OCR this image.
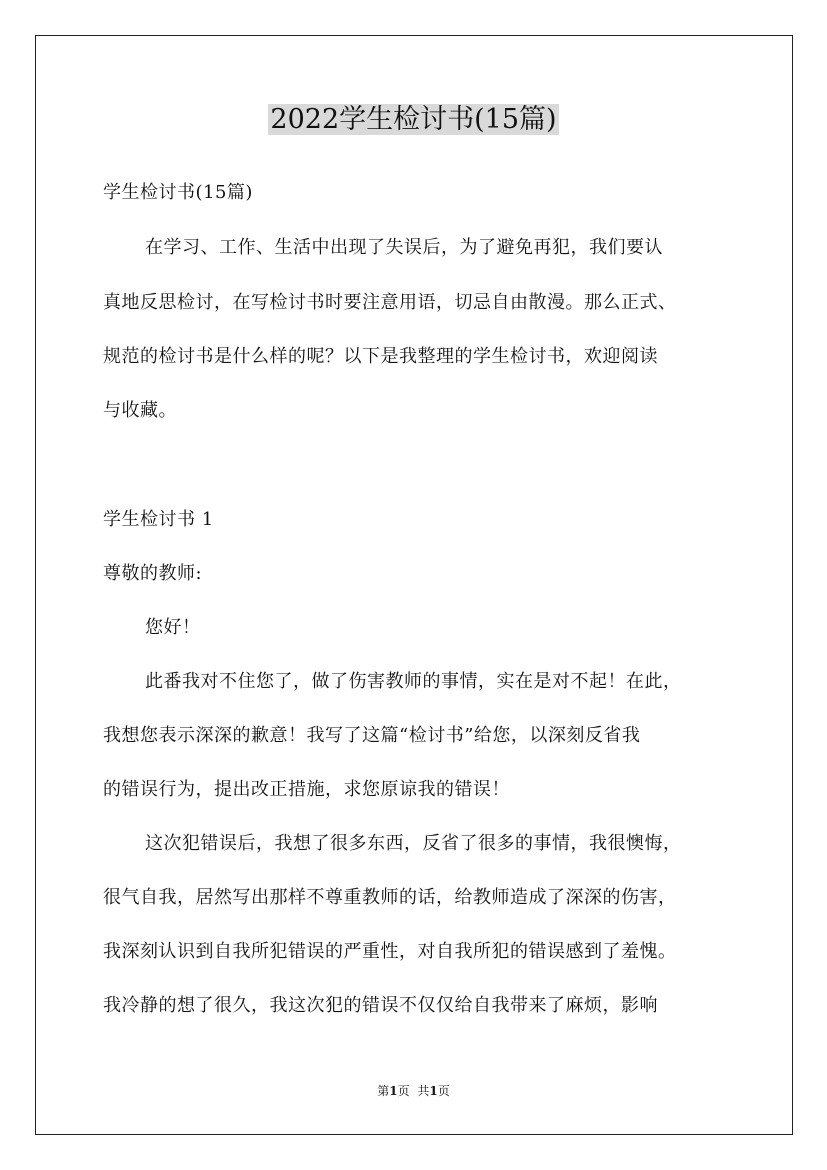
2022学生检讨书(15篇)
学生检讨书(15篇)
在学习、工作、生活中出现了失误后，为了避免再犯，我们要认
真地反思检讨，在写检讨书时要注意用语，切忌自由散漫。那么正式、
规范的检讨书是什么样的呢？以下是我整理的学生检讨书，欢迎阅读
与收藏。
学生检讨书 1
尊敬的教师:
您好！
此番我对不住您了，做了伤害教师的事情，实在是对不起！在此，
我想您表示深深的歉意！我写了这篇“检讨书”给您，以深刻反省我
的错误行为，提出改正措施，求您原谅我的错误！
这次犯错误后，我想了很多东西，反省了很多的事情，我很懊悔，
很气自我，居然写出那样不尊重教师的话，给教师造成了深深的伤害，
我深刻认识到自我所犯错误的严重性，对自我所犯的错误感到了羞愧。
我冷静的想了很久，我这次犯的错误不仅仅给自我带来了麻烦，影响
第1页 共1页
